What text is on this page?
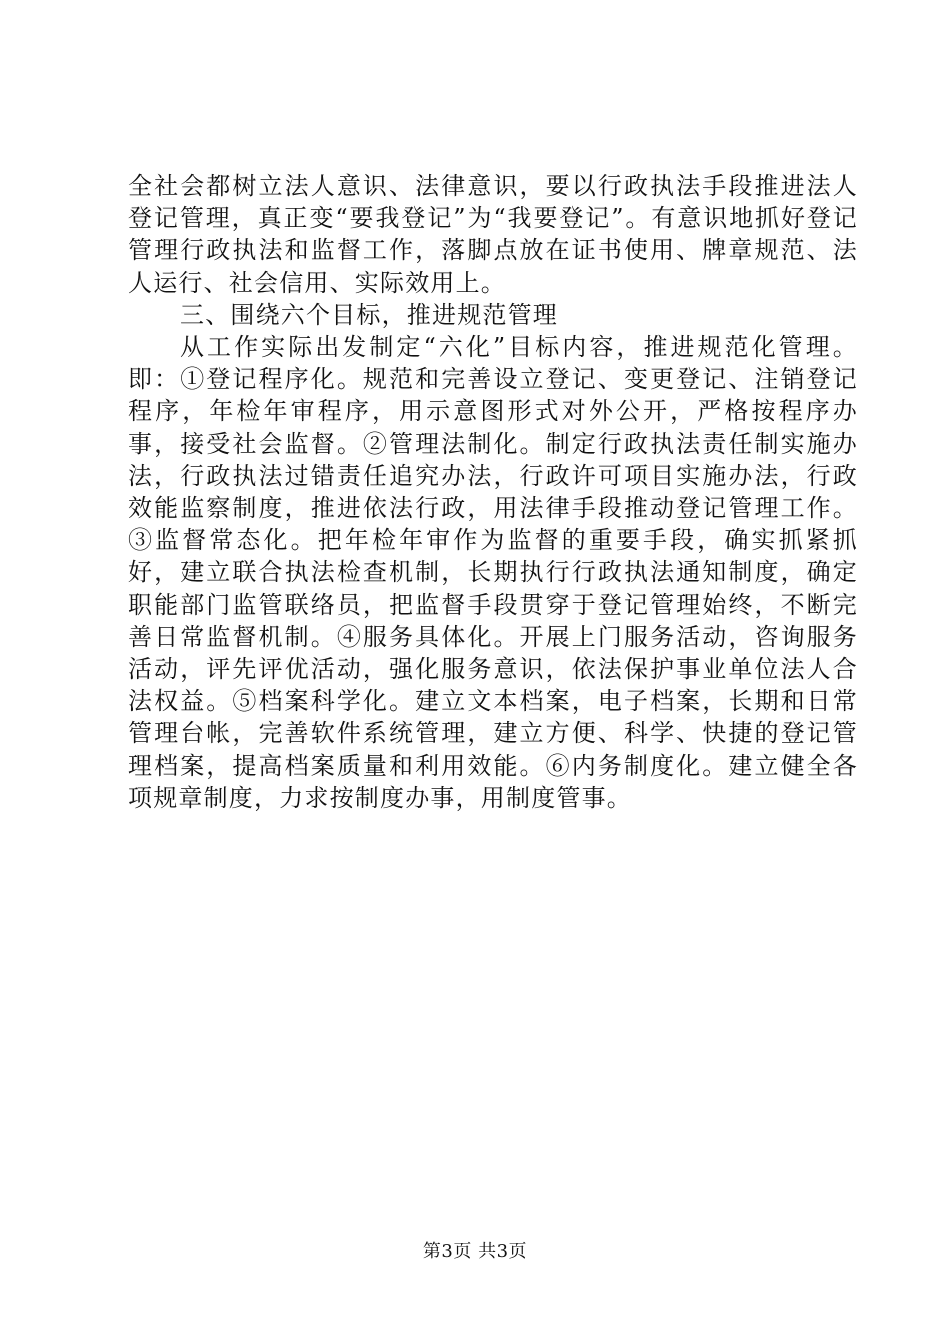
全社会都树立法人意识、法律意识，要以行政执法手段推进法人登记管理，真正变“要我登记”为“我要登记”。有意识地抓好登记管理行政执法和监督工作，落脚点放在证书使用、牌章规范、法人运行、社会信用、实际效用上。

三、围绕六个目标，推进规范管理

从工作实际出发制定“六化”目标内容，推进规范化管理。即：①登记程序化。规范和完善设立登记、变更登记、注销登记程序，年检年审程序，用示意图形式对外公开，严格按程序办事，接受社会监督。②管理法制化。制定行政执法责任制实施办法，行政执法过错责任追究办法，行政许可项目实施办法，行政效能监察制度，推进依法行政，用法律手段推动登记管理工作。③监督常态化。把年检年审作为监督的重要手段，确实抓紧抓好，建立联合执法检查机制，长期执行行政执法通知制度，确定职能部门监管联络员，把监督手段贯穿于登记管理始终，不断完善日常监督机制。④服务具体化。开展上门服务活动，咨询服务活动，评先评优活动，强化服务意识，依法保护事业单位法人合法权益。⑤档案科学化。建立文本档案，电子档案，长期和日常管理台帐，完善软件系统管理，建立方便、科学、快捷的登记管理档案，提高档案质量和利用效能。⑥内务制度化。建立健全各项规章制度，力求按制度办事，用制度管事。

第3页 共3页
